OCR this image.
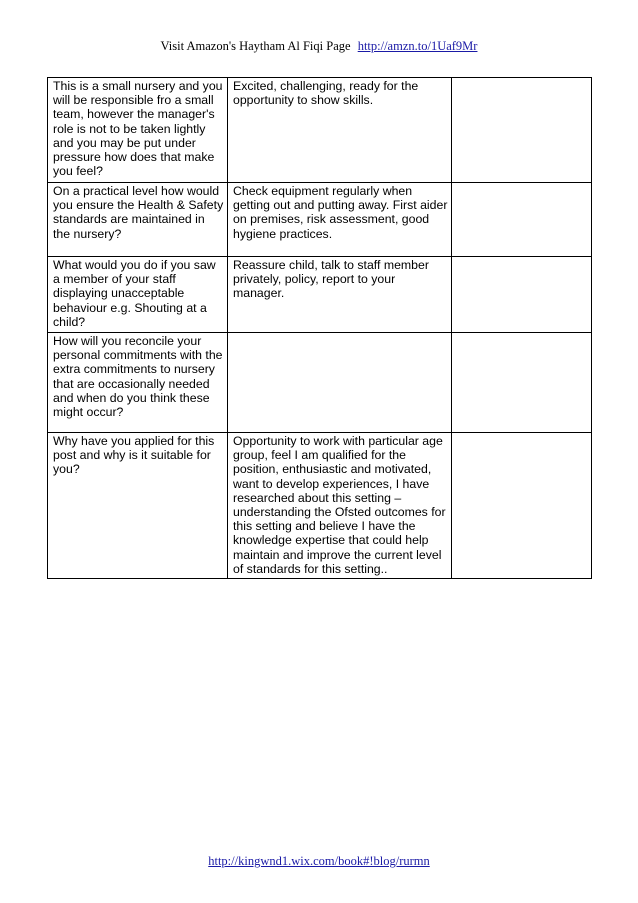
Visit Amazon's Haytham Al Fiqi Page http://amzn.to/1Uaf9Mr
This is a small nursery and you will be responsible fro a small team, however the manager's role is not to be taken lightly and you may be put under pressure how does that make you feel?	Excited, challenging, ready for the opportunity to show skills.	

On a practical level how would you ensure the Health & Safety standards are maintained in the nursery?	Check equipment regularly when getting out and putting away. First aider on premises, risk assessment, good hygiene practices.	

What would you do if you saw a member of your staff displaying unacceptable behaviour e.g. Shouting at a child?	Reassure child, talk to staff member privately, policy, report to your manager.	

How will you reconcile your personal commitments with the extra commitments to nursery that are occasionally needed and when do you think these might occur?		

Why have you applied for this post and why is it suitable for you?	Opportunity to work with particular age group, feel I am qualified for the position, enthusiastic and motivated, want to develop experiences, I have researched about this setting – understanding the Ofsted outcomes for this setting and believe I have the knowledge expertise that could help maintain and improve the current level of standards for this setting..	

http://kingwnd1.wix.com/book#!blog/rurmn
